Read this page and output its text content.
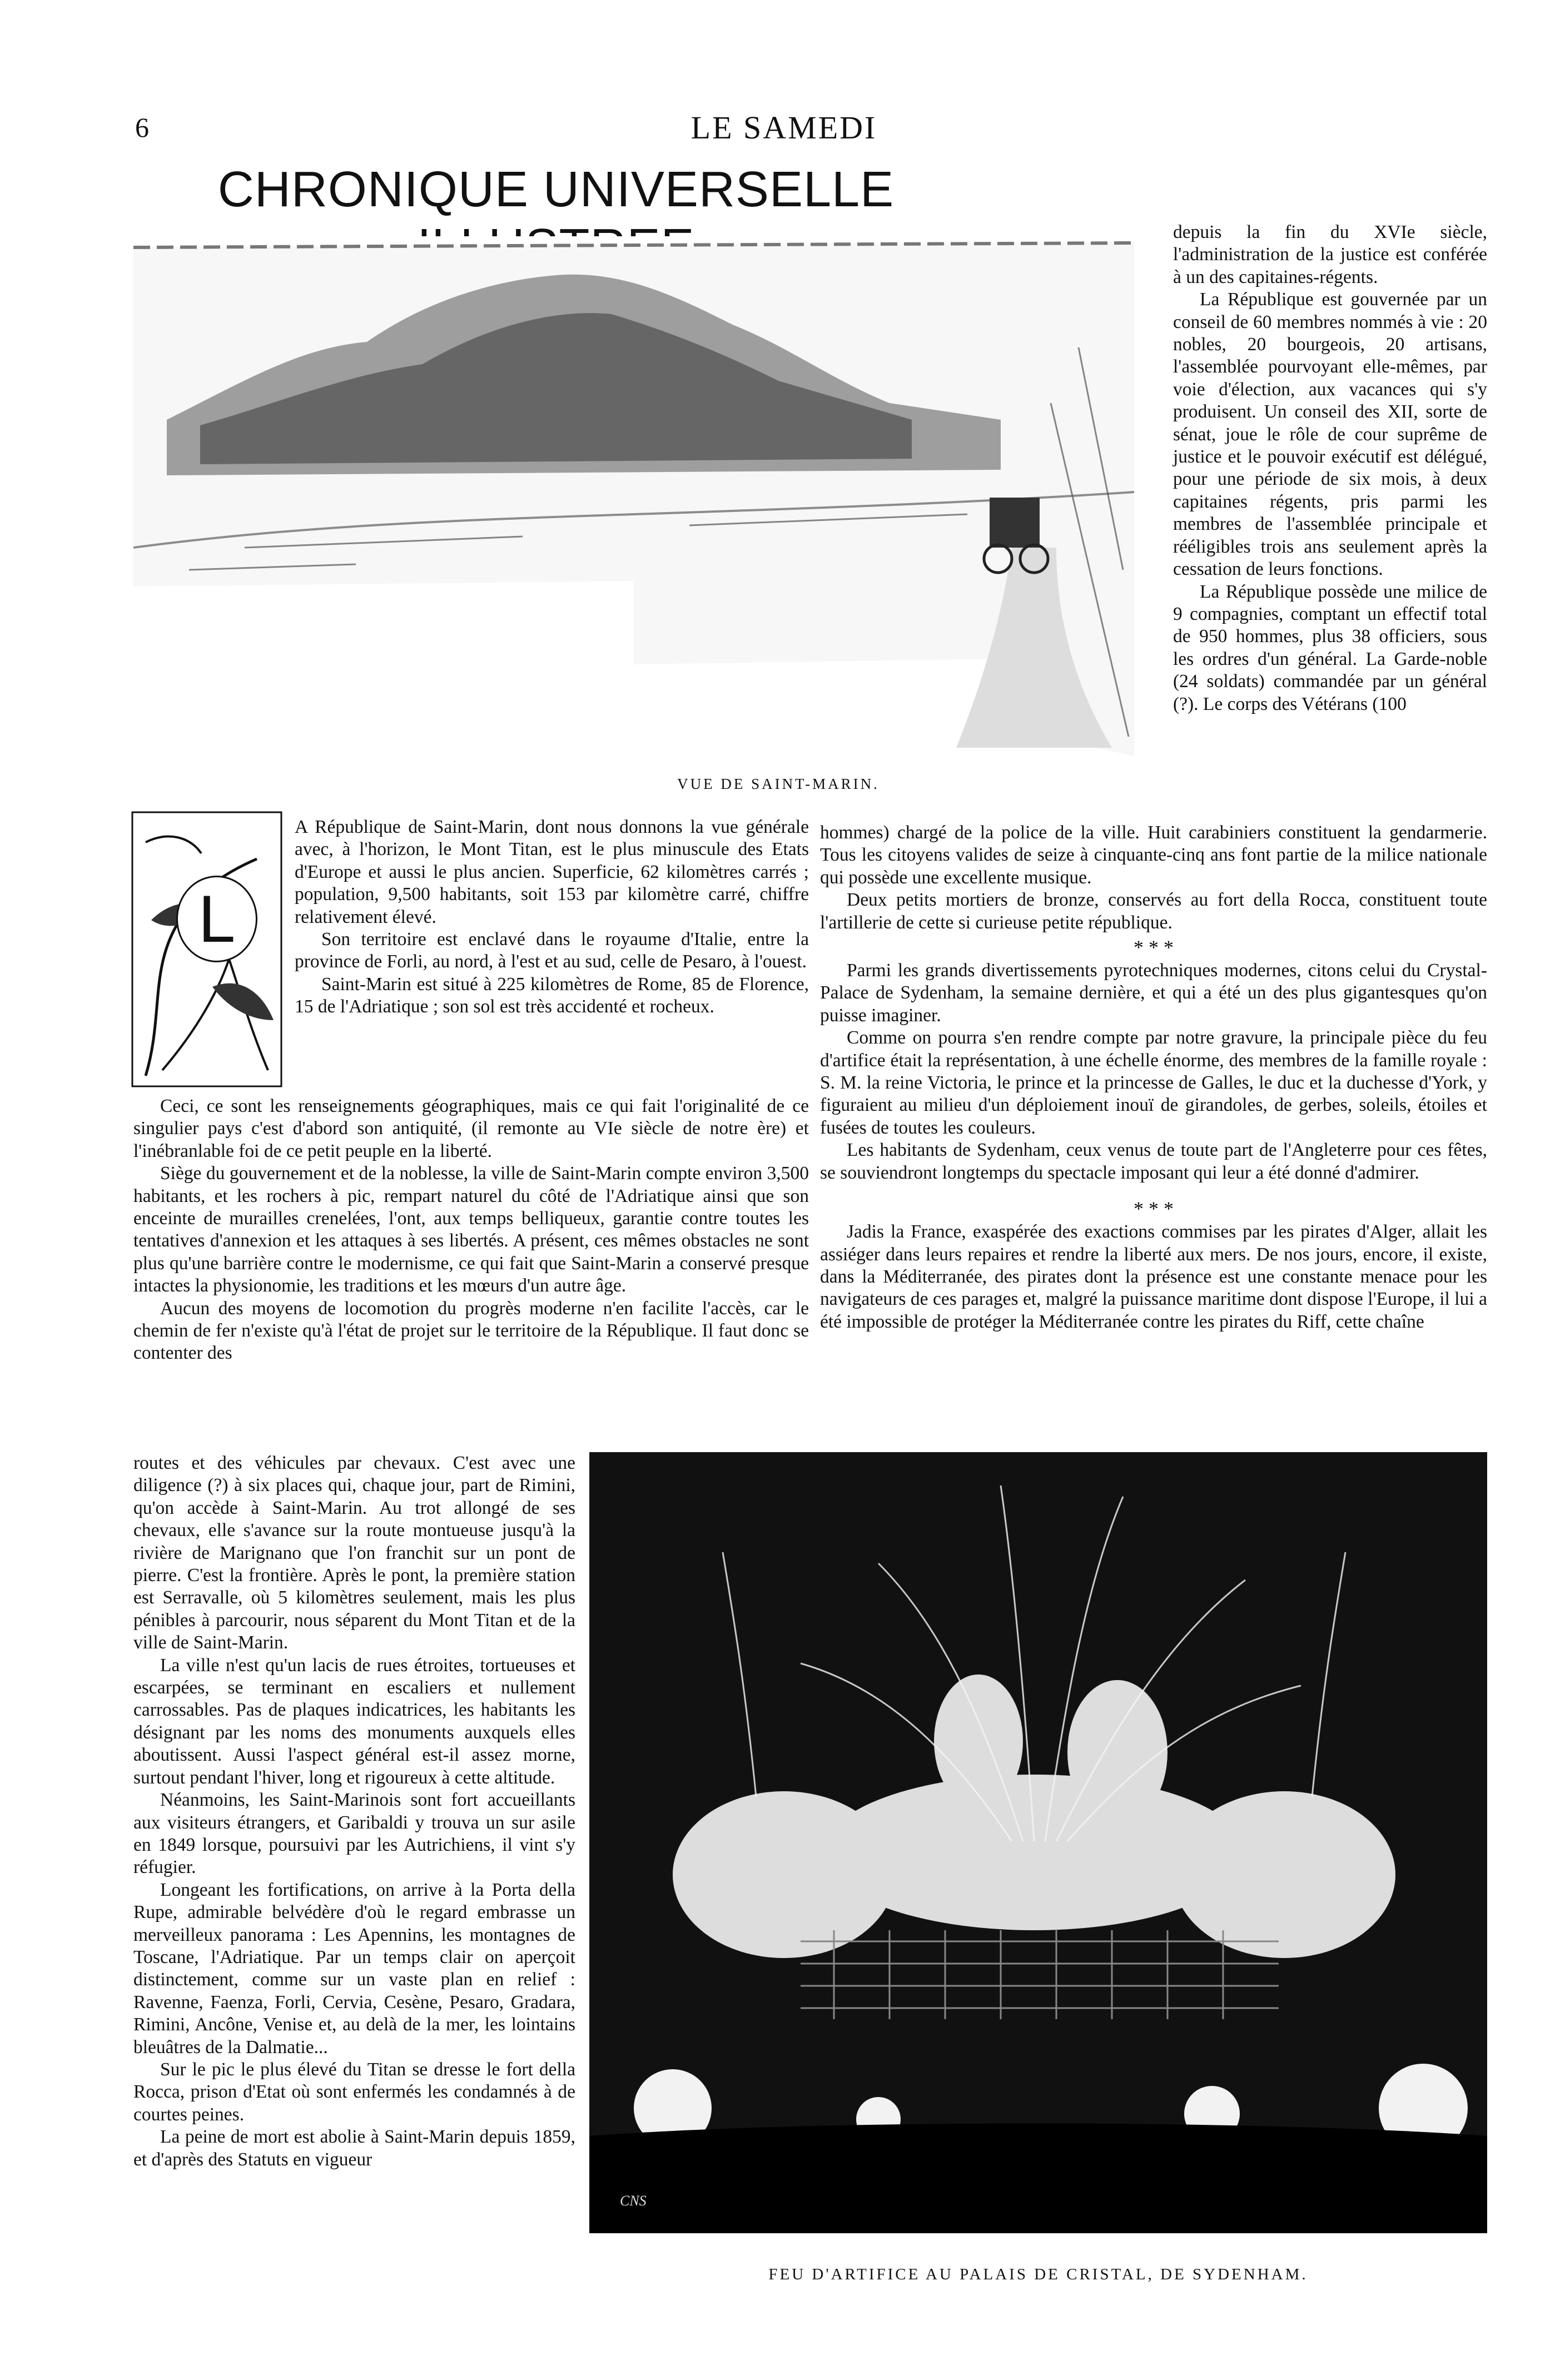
6	LE SAMEDI
CHRONIQUE UNIVERSELLE
VUE DE SAINT-MARIN.
L

A République de Saint-Marin, dont nous donnons la vue générale avec, à l'horizon, le Mont Titan, est le plus minuscule des Etats d'Europe et aussi le plus ancien. Superficie, 62 kilomètres carrés ; population, 9,500 habitants, soit 153 par kilomètre carré, chiffre relativement élevé.

Son territoire est enclavé dans le royaume d'Italie, entre la province de Forli, au nord, à l'est et au sud, celle de Pesaro, à l'ouest.

Saint-Marin est situé à 225 kilomètres de Rome, 85 de Florence, 15 de l'Adriatique ; son sol est très accidenté et rocheux.

Ceci, ce sont les renseignements géographiques, mais ce qui fait l'originalité de ce singulier pays c'est d'abord son antiquité, (il remonte au VIe siècle de notre ère) et l'inébranlable foi de ce petit peuple en la liberté.

Siège du gouvernement et de la noblesse, la ville de Saint-Marin compte environ 3,500 habitants, et les rochers à pic, rempart naturel du côté de l'Adriatique ainsi que son enceinte de murailles crenelées, l'ont, aux temps belliqueux, garantie contre toutes les tentatives d'annexion et les attaques à ses libertés. A présent, ces mêmes obstacles ne sont plus qu'une barrière contre le modernisme, ce qui fait que Saint-Marin a conservé presque intactes la physionomie, les traditions et les mœurs d'un autre âge.

Aucun des moyens de locomotion du progrès moderne n'en facilite l'accès, car le chemin de fer n'existe qu'à l'état de projet sur le territoire de la République. Il faut donc se contenter des

routes et des véhicules par chevaux. C'est avec une diligence (?) à six places qui, chaque jour, part de Rimini, qu'on accède à Saint-Marin. Au trot allongé de ses chevaux, elle s'avance sur la route montueuse jusqu'à la rivière de Marignano que l'on franchit sur un pont de pierre. C'est la frontière. Après le pont, la première station est Serravalle, où 5 kilomètres seulement, mais les plus pénibles à parcourir, nous séparent du Mont Titan et de la ville de Saint-Marin.

La ville n'est qu'un lacis de rues étroites, tortueuses et escarpées, se terminant en escaliers et nullement carrossables. Pas de plaques indicatrices, les habitants les désignant par les noms des monuments auxquels elles aboutissent. Aussi l'aspect général est-il assez morne, surtout pendant l'hiver, long et rigoureux à cette altitude.

Néanmoins, les Saint-Marinois sont fort accueillants aux visiteurs étrangers, et Garibaldi y trouva un sur asile en 1849 lorsque, poursuivi par les Autrichiens, il vint s'y réfugier.

Longeant les fortifications, on arrive à la Porta della Rupe, admirable belvédère d'où le regard embrasse un merveilleux panorama : Les Apennins, les montagnes de Toscane, l'Adriatique. Par un temps clair on aperçoit distinctement, comme sur un vaste plan en relief : Ravenne, Faenza, Forli, Cervia, Cesène, Pesaro, Gradara, Rimini, Ancône, Venise et, au delà de la mer, les lointains bleuâtres de la Dalmatie...

Sur le pic le plus élevé du Titan se dresse le fort della Rocca, prison d'Etat où sont enfermés les condamnés à de courtes peines.

La peine de mort est abolie à Saint-Marin depuis 1859, et d'après des Statuts en vigueur

depuis la fin du XVIe siècle, l'administration de la justice est conférée à un des capitaines-régents.

La République est gouvernée par un conseil de 60 membres nommés à vie : 20 nobles, 20 bourgeois, 20 artisans, l'assemblée pourvoyant elle-mêmes, par voie d'élection, aux vacances qui s'y produisent. Un conseil des XII, sorte de sénat, joue le rôle de cour suprême de justice et le pouvoir exécutif est délégué, pour une période de six mois, à deux capitaines régents, pris parmi les membres de l'assemblée principale et rééligibles trois ans seulement après la cessation de leurs fonctions.

La République possède une milice de 9 compagnies, comptant un effectif total de 950 hommes, plus 38 officiers, sous les ordres d'un général. La Garde-noble (24 soldats) commandée par un général (?). Le corps des Vétérans (100

hommes) chargé de la police de la ville. Huit carabiniers constituent la gendarmerie. Tous les citoyens valides de seize à cinquante-cinq ans font partie de la milice nationale qui possède une excellente musique.

Deux petits mortiers de bronze, conservés au fort della Rocca, constituent toute l'artillerie de cette si curieuse petite république.

* * *

Parmi les grands divertissements pyrotechniques modernes, citons celui du Crystal-Palace de Sydenham, la semaine dernière, et qui a été un des plus gigantesques qu'on puisse imaginer.

Comme on pourra s'en rendre compte par notre gravure, la principale pièce du feu d'artifice était la représentation, à une échelle énorme, des membres de la famille royale : S. M. la reine Victoria, le prince et la princesse de Galles, le duc et la duchesse d'York, y figuraient au milieu d'un déploiement inouï de girandoles, de gerbes, soleils, étoiles et fusées de toutes les couleurs.

Les habitants de Sydenham, ceux venus de toute part de l'Angleterre pour ces fêtes, se souviendront longtemps du spectacle imposant qui leur a été donné d'admirer.

* * *

Jadis la France, exaspérée des exactions commises par les pirates d'Alger, allait les assiéger dans leurs repaires et rendre la liberté aux mers. De nos jours, encore, il existe, dans la Méditerranée, des pirates dont la présence est une constante menace pour les navigateurs de ces parages et, malgré la puissance maritime dont dispose l'Europe, il lui a été impossible de protéger la Méditerranée contre les pirates du Riff, cette chaîne

CNS
FEU D'ARTIFICE AU PALAIS DE CRISTAL, DE SYDENHAM.
